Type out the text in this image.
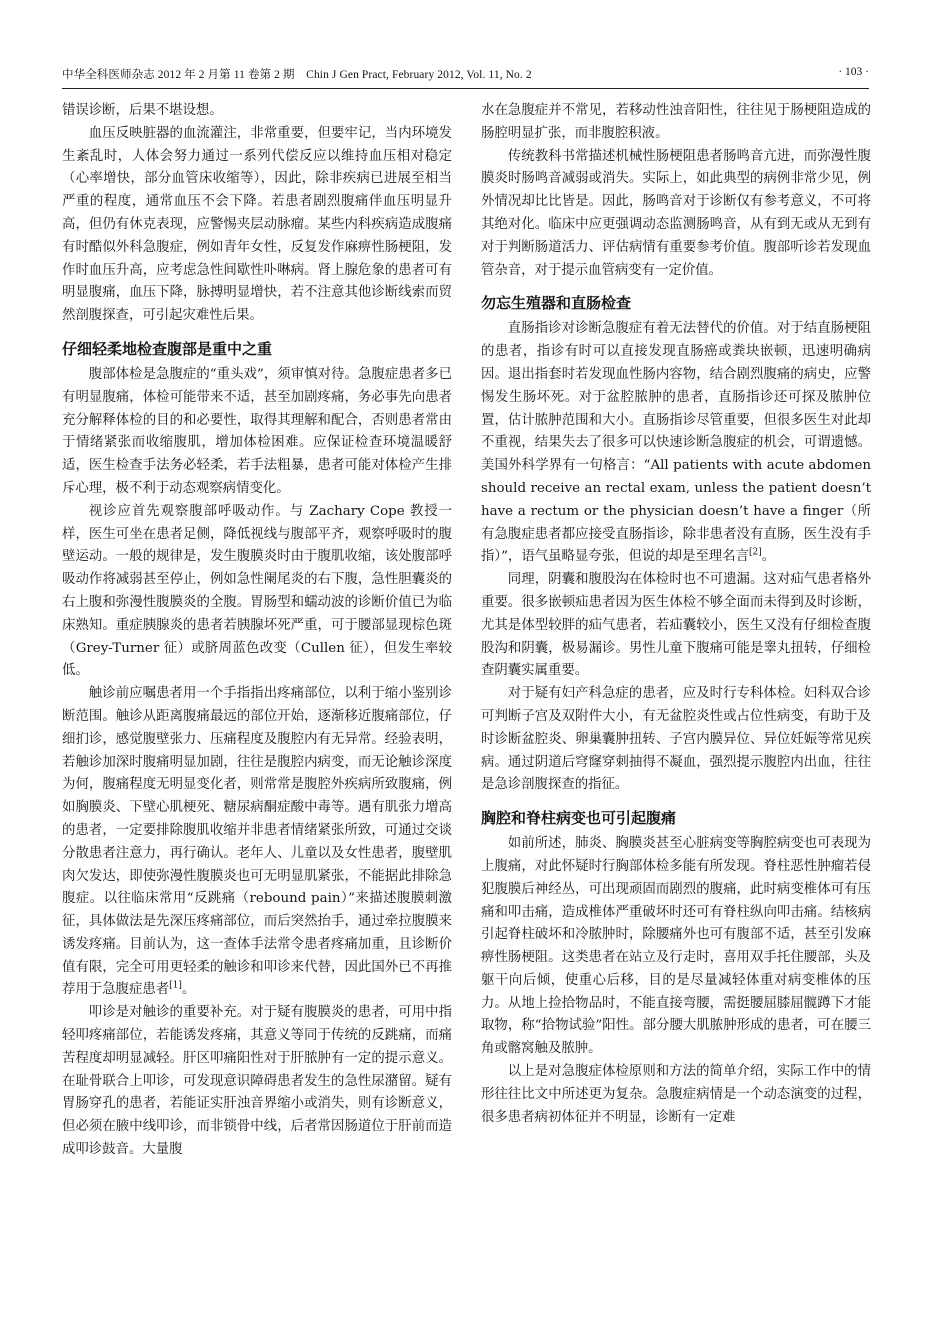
中华全科医师杂志 2012 年 2 月第 11 卷第 2 期　Chin J Gen Pract, February 2012, Vol. 11, No. 2	· 103 ·

错误诊断，后果不堪设想。

血压反映脏器的血流灌注，非常重要，但要牢记，当内环境发生紊乱时，人体会努力通过一系列代偿反应以维持血压相对稳定（心率增快，部分血管床收缩等），因此，除非疾病已进展至相当严重的程度，通常血压不会下降。若患者剧烈腹痛伴血压明显升高，但仍有休克表现，应警惕夹层动脉瘤。某些内科疾病造成腹痛有时酷似外科急腹症，例如青年女性，反复发作麻痹性肠梗阻，发作时血压升高，应考虑急性间歇性卟啉病。肾上腺危象的患者可有明显腹痛，血压下降，脉搏明显增快，若不注意其他诊断线索而贸然剖腹探查，可引起灾难性后果。

仔细轻柔地检查腹部是重中之重

腹部体检是急腹症的“重头戏”，须审慎对待。急腹症患者多已有明显腹痛，体检可能带来不适，甚至加剧疼痛，务必事先向患者充分解释体检的目的和必要性，取得其理解和配合，否则患者常由于情绪紧张而收缩腹肌，增加体检困难。应保证检查环境温暖舒适，医生检查手法务必轻柔，若手法粗暴，患者可能对体检产生排斥心理，极不利于动态观察病情变化。

视诊应首先观察腹部呼吸动作。与 Zachary Cope 教授一样，医生可坐在患者足侧，降低视线与腹部平齐，观察呼吸时的腹壁运动。一般的规律是，发生腹膜炎时由于腹肌收缩，该处腹部呼吸动作将减弱甚至停止，例如急性阑尾炎的右下腹，急性胆囊炎的右上腹和弥漫性腹膜炎的全腹。胃肠型和蠕动波的诊断价值已为临床熟知。重症胰腺炎的患者若胰腺坏死严重，可于腰部显现棕色斑（Grey-Turner 征）或脐周蓝色改变（Cullen 征），但发生率较低。

触诊前应嘱患者用一个手指指出疼痛部位，以利于缩小鉴别诊断范围。触诊从距离腹痛最远的部位开始，逐渐移近腹痛部位，仔细扪诊，感觉腹壁张力、压痛程度及腹腔内有无异常。经验表明，若触诊加深时腹痛明显加剧，往往是腹腔内病变，而无论触诊深度为何，腹痛程度无明显变化者，则常常是腹腔外疾病所致腹痛，例如胸膜炎、下壁心肌梗死、糖尿病酮症酸中毒等。遇有肌张力增高的患者，一定要排除腹肌收缩并非患者情绪紧张所致，可通过交谈分散患者注意力，再行确认。老年人、儿童以及女性患者，腹壁肌肉欠发达，即使弥漫性腹膜炎也可无明显肌紧张，不能据此排除急腹症。以往临床常用“反跳痛（rebound pain）”来描述腹膜刺激征，具体做法是先深压疼痛部位，而后突然抬手，通过牵拉腹膜来诱发疼痛。目前认为，这一查体手法常令患者疼痛加重，且诊断价值有限，完全可用更轻柔的触诊和叩诊来代替，因此国外已不再推荐用于急腹症患者[1]。

叩诊是对触诊的重要补充。对于疑有腹膜炎的患者，可用中指轻叩疼痛部位，若能诱发疼痛，其意义等同于传统的反跳痛，而痛苦程度却明显减轻。肝区叩痛阳性对于肝脓肿有一定的提示意义。在耻骨联合上叩诊，可发现意识障碍患者发生的急性尿潴留。疑有胃肠穿孔的患者，若能证实肝浊音界缩小或消失，则有诊断意义，但必须在腋中线叩诊，而非锁骨中线，后者常因肠道位于肝前而造成叩诊鼓音。大量腹

水在急腹症并不常见，若移动性浊音阳性，往往见于肠梗阻造成的肠腔明显扩张，而非腹腔积液。

传统教科书常描述机械性肠梗阻患者肠鸣音亢进，而弥漫性腹膜炎时肠鸣音减弱或消失。实际上，如此典型的病例非常少见，例外情况却比比皆是。因此，肠鸣音对于诊断仅有参考意义，不可将其绝对化。临床中应更强调动态监测肠鸣音，从有到无或从无到有对于判断肠道活力、评估病情有重要参考价值。腹部听诊若发现血管杂音，对于提示血管病变有一定价值。

勿忘生殖器和直肠检查

直肠指诊对诊断急腹症有着无法替代的价值。对于结直肠梗阻的患者，指诊有时可以直接发现直肠癌或粪块嵌顿，迅速明确病因。退出指套时若发现血性肠内容物，结合剧烈腹痛的病史，应警惕发生肠坏死。对于盆腔脓肿的患者，直肠指诊还可探及脓肿位置，估计脓肿范围和大小。直肠指诊尽管重要，但很多医生对此却不重视，结果失去了很多可以快速诊断急腹症的机会，可谓遗憾。美国外科学界有一句格言：“All patients with acute abdomen should receive an rectal exam, unless the patient doesn’t have a rectum or the physician doesn’t have a finger（所有急腹症患者都应接受直肠指诊，除非患者没有直肠，医生没有手指）”，语气虽略显夸张，但说的却是至理名言[2]。

同理，阴囊和腹股沟在体检时也不可遗漏。这对疝气患者格外重要。很多嵌顿疝患者因为医生体检不够全面而未得到及时诊断，尤其是体型较胖的疝气患者，若疝囊较小，医生又没有仔细检查腹股沟和阴囊，极易漏诊。男性儿童下腹痛可能是睾丸扭转，仔细检查阴囊实属重要。

对于疑有妇产科急症的患者，应及时行专科体检。妇科双合诊可判断子宫及双附件大小，有无盆腔炎性或占位性病变，有助于及时诊断盆腔炎、卵巢囊肿扭转、子宫内膜异位、异位妊娠等常见疾病。通过阴道后穹窿穿刺抽得不凝血，强烈提示腹腔内出血，往往是急诊剖腹探查的指征。

胸腔和脊柱病变也可引起腹痛

如前所述，肺炎、胸膜炎甚至心脏病变等胸腔病变也可表现为上腹痛，对此怀疑时行胸部体检多能有所发现。脊柱恶性肿瘤若侵犯腹膜后神经丛，可出现顽固而剧烈的腹痛，此时病变椎体可有压痛和叩击痛，造成椎体严重破坏时还可有脊柱纵向叩击痛。结核病引起脊柱破坏和冷脓肿时，除腰痛外也可有腹部不适，甚至引发麻痹性肠梗阻。这类患者在站立及行走时，喜用双手托住腰部，头及躯干向后倾，使重心后移，目的是尽量减轻体重对病变椎体的压力。从地上捡拾物品时，不能直接弯腰，需挺腰屈膝屈髋蹲下才能取物，称“拾物试验”阳性。部分腰大肌脓肿形成的患者，可在腰三角或髂窝触及脓肿。

以上是对急腹症体检原则和方法的简单介绍，实际工作中的情形往往比文中所述更为复杂。急腹症病情是一个动态演变的过程，很多患者病初体征并不明显，诊断有一定难
